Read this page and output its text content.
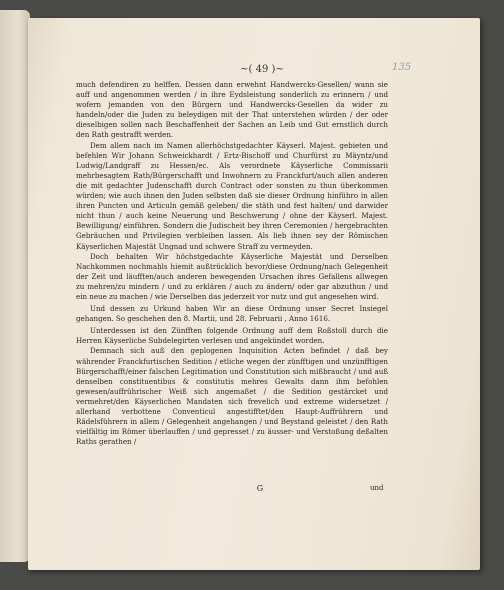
~( 49 )~	135

much defendiren zu helffen. Dessen dann erwehnt Handwercks-Gesellen/ wann sie auff und angenommen werden / in ihre Eydsleistung sonderlich zu erinnern / und wofern jemanden von den Bürgern und Handwercks-Gesellen da wider zu handeln/oder die Juden zu beleydigen mit der That unterstehen würden / der oder dieselbigen sollen nach Beschaffenheit der Sachen an Leib und Gut ernstlich durch den Rath gestrafft werden.

Dem allem nach im Namen allerhöchstgedachter Käyserl. Majest. gebieten und befehlen Wir Johann Schweickhardt / Ertz-Bischoff und Churfürst zu Mäyntz/und Ludwig/Landgraff zu Hessen/ec. Als verordnete Käyserliche Commissarii mehrbesagtem Rath/Bürgerschafft und Inwohnern zu Franckfurt/auch allen anderen die mit gedachter Judenschafft durch Contract oder sonsten zu thun überkommen würden; wie auch ihnen den Juden selbsten daß sie dieser Ordnung hinführo in allen ihren Puncten und Articuln gemäß geleben/ die stäth und fest halten/ und darwider nicht thun / auch keine Neuerung und Beschwerung / ohne der Käyserl. Majest. Bewilligung/ einführen. Sondern die Judischeit bey ihren Ceremonien / hergebrachten Gebräuchen und Privilegien verbleiben lassen. Als lieb ihnen sey der Römischen Käyserlichen Majestät Ungnad und schwere Straff zu vermeyden.

Doch behalten Wir höchstgedachte Käyserliche Majestät und Derselben Nachkommen nochmahls hiemit außtrücklich bevor/diese Ordnung/nach Gelegenheit der Zeit und läufften/auch anderen bewegenden Ursachen ihres Gefallens allwegen zu mehren/zu mindern / und zu erklären / auch zu ändern/ oder gar abzuthun / und ein neue zu machen / wie Derselben das jederzeit vor nutz und gut angesehen wird.

Und dessen zu Urkund haben Wir an diese Ordnung unser Secret Insiegel gehangen. So geschehen den 8. Martii, und 28. Februarii , Anno 1616.

Unterdessen ist den Zünfften folgende Ordnung auff dem Roßstoll durch die Herren Käyserliche Subdelegirten verlesen und angekündet worden.

Demnach sich auß den geplogenen Inquisition Acten befindet / daß bey währender Franckfurtischen Sedition / etliche wegen der zünfftigen und unzünfftigen Bürgerschafft/einer falschen Legitimation und Constitution sich mißbraucht / und auß denselben constituentibus & constitutis mehres Gewalts dann ihm befohlen gewesen/auffrührischer Weiß sich angemaßet / die Sedition gestärcket und vermehret/den Käyserlichen Mandaten sich frevelich und extreme widersetzet / allerhand verbottene Conventicul angestifftet/den Haupt-Auffrührern und Rädelsführern in allem / Gelegenheit angehangen / und Beystand geleistet / den Rath vielfältig im Römer überlauffen / und gepresset / zu äusser- und Verstoßung deßalten Raths gerathen /

G	und
